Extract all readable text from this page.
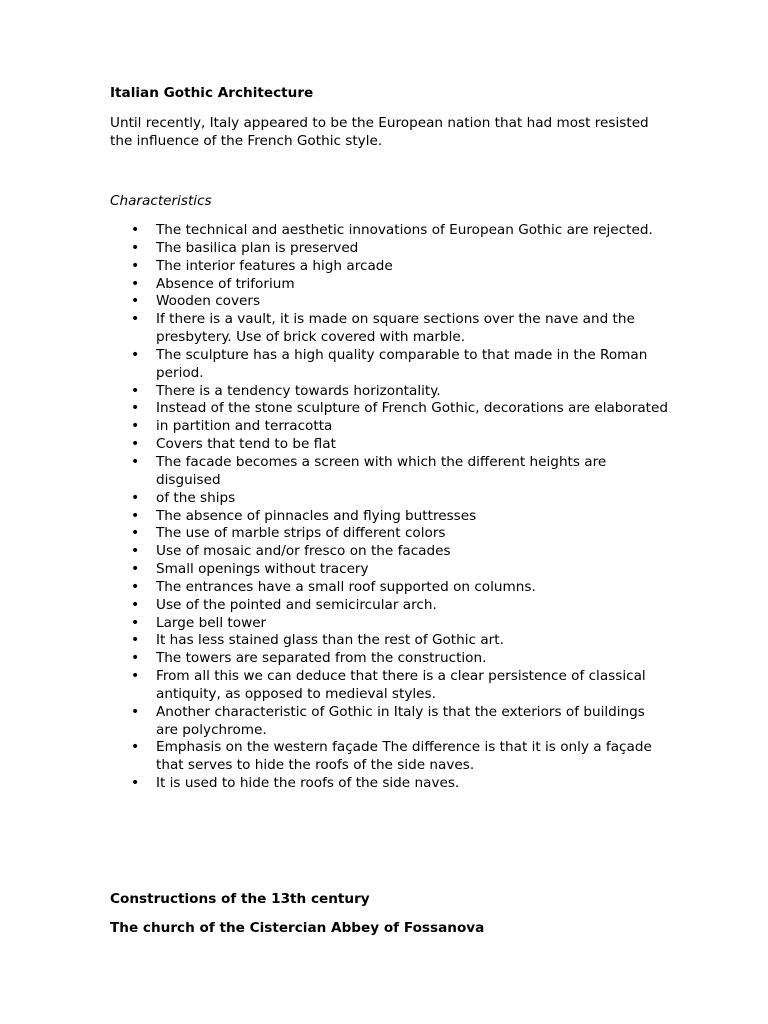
Italian Gothic Architecture

Until recently, Italy appeared to be the European nation that had most resisted the influence of the French Gothic style.

Characteristics

• The technical and aesthetic innovations of European Gothic are rejected.
• The basilica plan is preserved
• The interior features a high arcade
• Absence of triforium
• Wooden covers
• If there is a vault, it is made on square sections over the nave and the presbytery. Use of brick covered with marble.
• The sculpture has a high quality comparable to that made in the Roman period.
• There is a tendency towards horizontality.
• Instead of the stone sculpture of French Gothic, decorations are elaborated
• in partition and terracotta
• Covers that tend to be flat
• The facade becomes a screen with which the different heights are disguised
• of the ships
• The absence of pinnacles and flying buttresses
• The use of marble strips of different colors
• Use of mosaic and/or fresco on the facades
• Small openings without tracery
• The entrances have a small roof supported on columns.
• Use of the pointed and semicircular arch.
• Large bell tower
• It has less stained glass than the rest of Gothic art.
• The towers are separated from the construction.
• From all this we can deduce that there is a clear persistence of classical antiquity, as opposed to medieval styles.
• Another characteristic of Gothic in Italy is that the exteriors of buildings are polychrome.
• Emphasis on the western façade The difference is that it is only a façade that serves to hide the roofs of the side naves.
• It is used to hide the roofs of the side naves.

Constructions of the 13th century

The church of the Cistercian Abbey of Fossanova
